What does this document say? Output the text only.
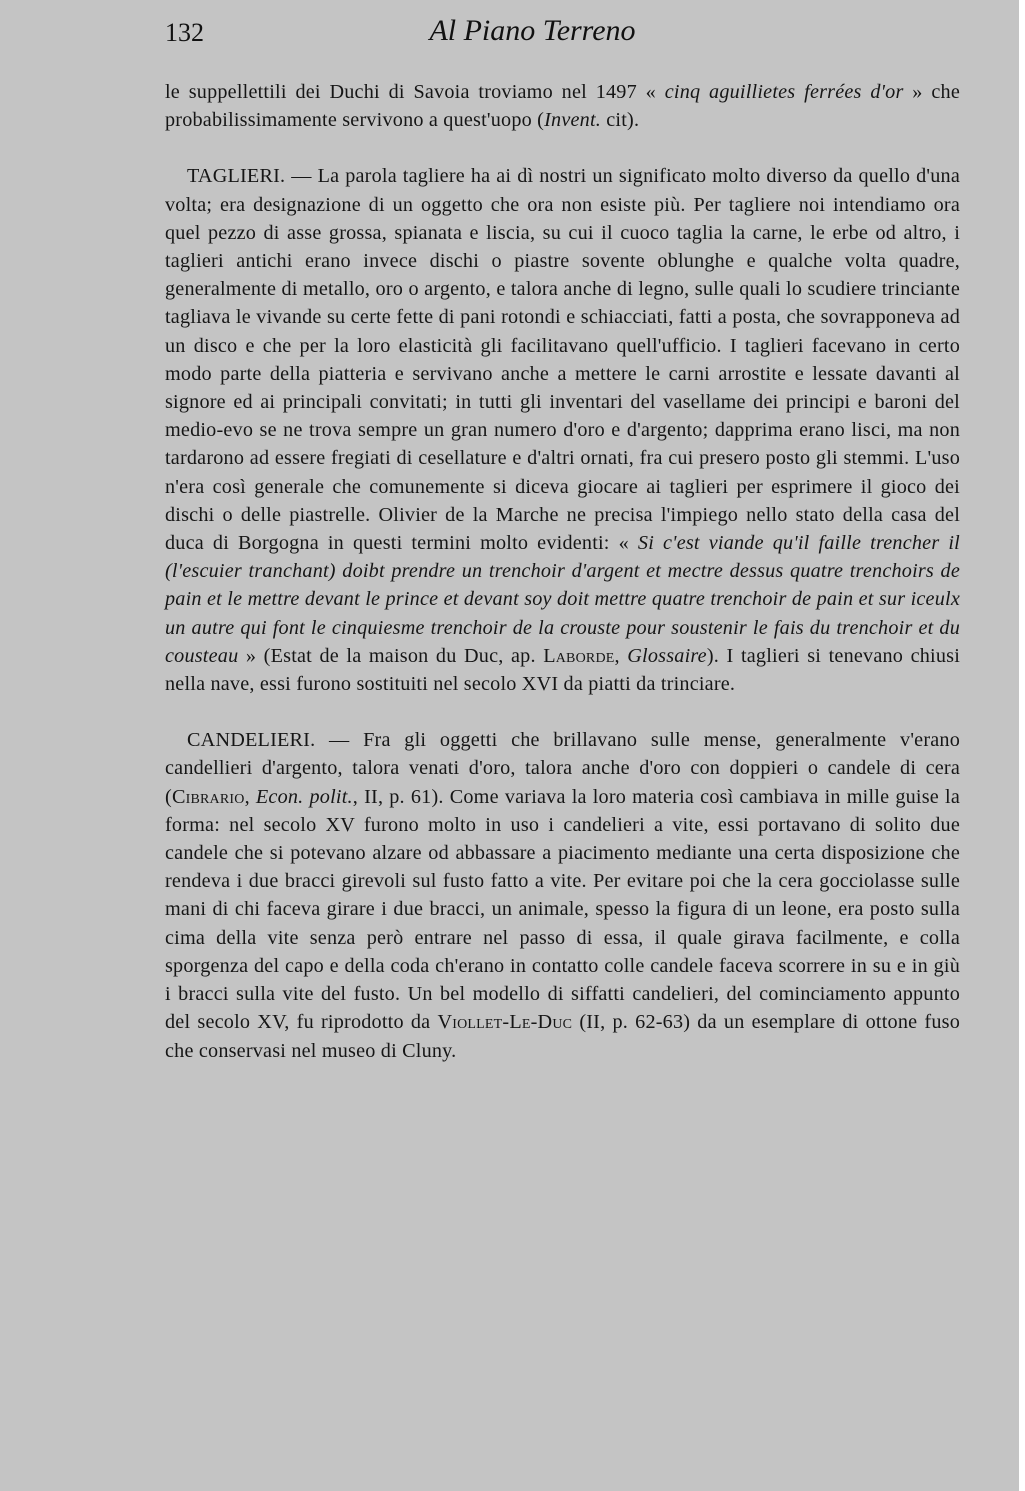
132	Al Piano Terreno

le suppellettili dei Duchi di Savoia troviamo nel 1497 « cinq aguillietes ferrées d'or » che probabilissimamente servivono a quest'uopo (Invent. cit).

TAGLIERI. — La parola tagliere ha ai dì nostri un significato molto diverso da quello d'una volta; era designazione di un oggetto che ora non esiste più. Per tagliere noi intendiamo ora quel pezzo di asse grossa, spianata e liscia, su cui il cuoco taglia la carne, le erbe od altro, i taglieri antichi erano invece dischi o piastre sovente oblunghe e qualche volta quadre, generalmente di metallo, oro o argento, e talora anche di legno, sulle quali lo scudiere trinciante tagliava le vivande su certe fette di pani rotondi e schiacciati, fatti a posta, che sovrapponeva ad un disco e che per la loro elasticità gli facilitavano quell'ufficio. I taglieri facevano in certo modo parte della piatteria e servivano anche a mettere le carni arrostite e lessate davanti al signore ed ai principali convitati; in tutti gli inventari del vasellame dei principi e baroni del medio-evo se ne trova sempre un gran numero d'oro e d'argento; dapprima erano lisci, ma non tardarono ad essere fregiati di cesellature e d'altri ornati, fra cui presero posto gli stemmi. L'uso n'era così generale che comunemente si diceva giocare ai taglieri per esprimere il gioco dei dischi o delle piastrelle. Olivier de la Marche ne precisa l'impiego nello stato della casa del duca di Borgogna in questi termini molto evidenti: « Si c'est viande qu'il faille trencher il (l'escuier tranchant) doibt prendre un trenchoir d'argent et mectre dessus quatre trenchoirs de pain et le mettre devant le prince et devant soy doit mettre quatre trenchoir de pain et sur iceulx un autre qui font le cinquiesme trenchoir de la crouste pour soustenir le fais du trenchoir et du cousteau » (Estat de la maison du Duc, ap. Laborde, Glossaire). I taglieri si tenevano chiusi nella nave, essi furono sostituiti nel secolo XVI da piatti da trinciare.

CANDELIERI. — Fra gli oggetti che brillavano sulle mense, generalmente v'erano candellieri d'argento, talora venati d'oro, talora anche d'oro con doppieri o candele di cera (Cibrario, Econ. polit., II, p. 61). Come variava la loro materia così cambiava in mille guise la forma: nel secolo XV furono molto in uso i candelieri a vite, essi portavano di solito due candele che si potevano alzare od abbassare a piacimento mediante una certa disposizione che rendeva i due bracci girevoli sul fusto fatto a vite. Per evitare poi che la cera gocciolasse sulle mani di chi faceva girare i due bracci, un animale, spesso la figura di un leone, era posto sulla cima della vite senza però entrare nel passo di essa, il quale girava facilmente, e colla sporgenza del capo e della coda ch'erano in contatto colle candele faceva scorrere in su e in giù i bracci sulla vite del fusto. Un bel modello di siffatti candelieri, del cominciamento appunto del secolo XV, fu riprodotto da Viollet-Le-Duc (II, p. 62-63) da un esemplare di ottone fuso che conservasi nel museo di Cluny.
